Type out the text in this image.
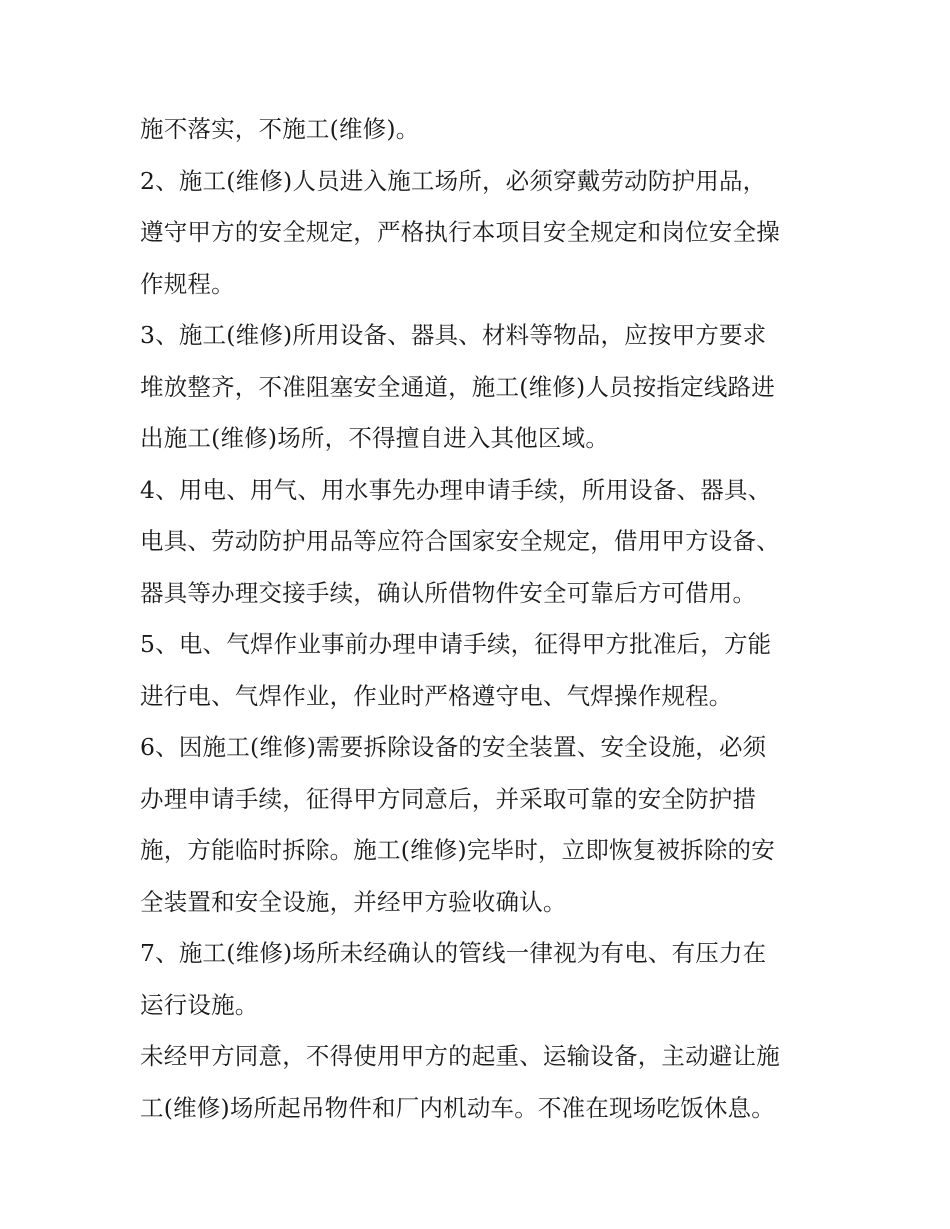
施不落实，不施工(维修)。
2、施工(维修)人员进入施工场所，必须穿戴劳动防护用品，
遵守甲方的安全规定，严格执行本项目安全规定和岗位安全操
作规程。
3、施工(维修)所用设备、器具、材料等物品，应按甲方要求
堆放整齐，不准阻塞安全通道，施工(维修)人员按指定线路进
出施工(维修)场所，不得擅自进入其他区域。
4、用电、用气、用水事先办理申请手续，所用设备、器具、
电具、劳动防护用品等应符合国家安全规定，借用甲方设备、
器具等办理交接手续，确认所借物件安全可靠后方可借用。
5、电、气焊作业事前办理申请手续，征得甲方批准后，方能
进行电、气焊作业，作业时严格遵守电、气焊操作规程。
6、因施工(维修)需要拆除设备的安全装置、安全设施，必须
办理申请手续，征得甲方同意后，并采取可靠的安全防护措
施，方能临时拆除。施工(维修)完毕时，立即恢复被拆除的安
全装置和安全设施，并经甲方验收确认。
7、施工(维修)场所未经确认的管线一律视为有电、有压力在
运行设施。
未经甲方同意，不得使用甲方的起重、运输设备，主动避让施
工(维修)场所起吊物件和厂内机动车。不准在现场吃饭休息。
